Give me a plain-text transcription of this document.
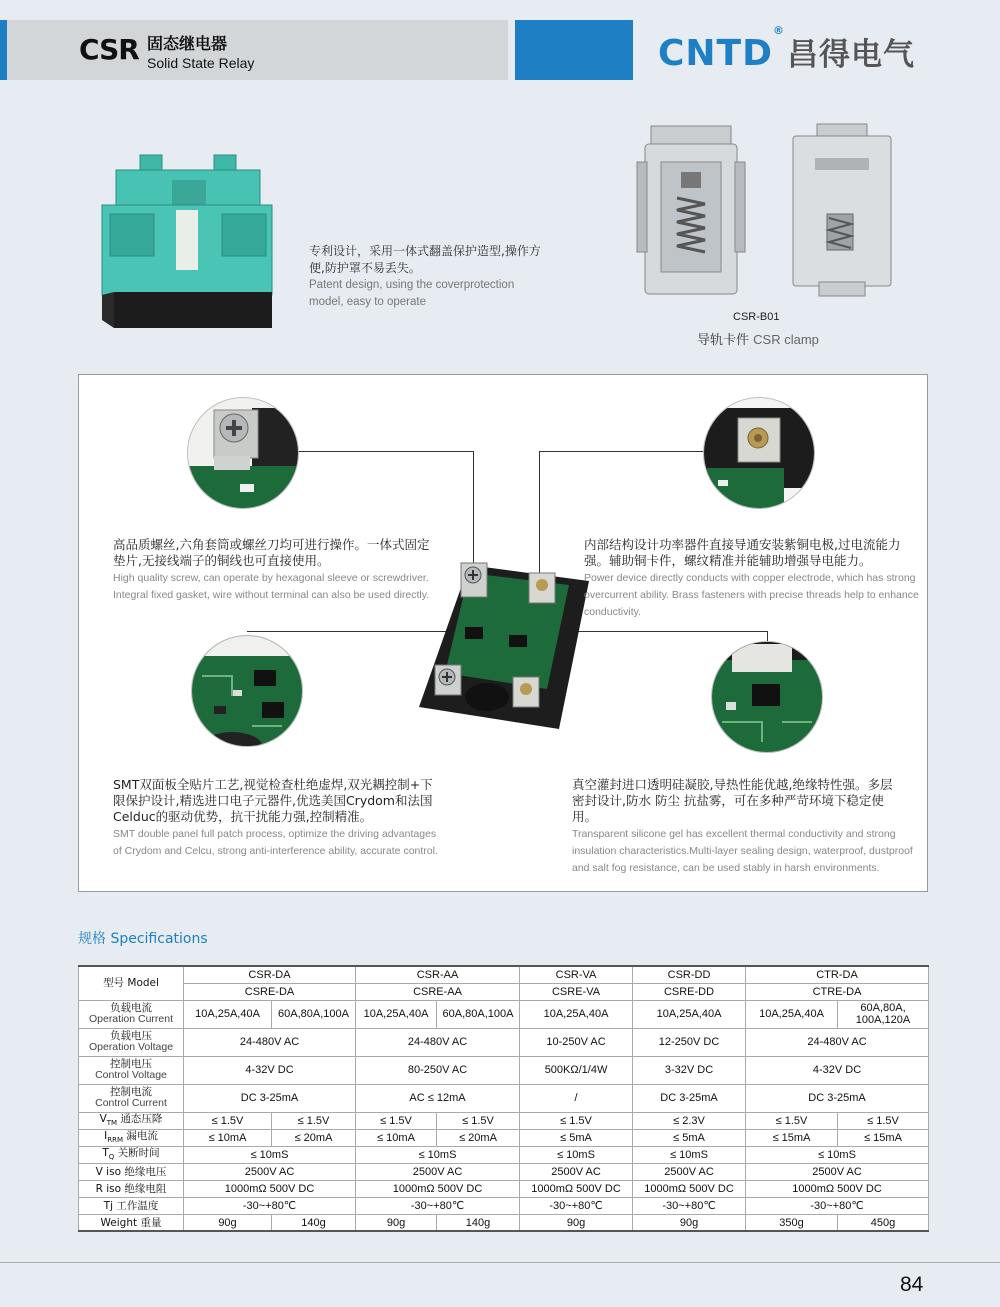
CSR 固态继电器
Solid State Relay	CNTD®昌得电气
专利设计，采用一体式翻盖保护造型,操作方便,防护罩不易丢失。
Patent design, using the coverprotection model, easy to operate
CSR-B01
导轨卡件 CSR clamp
高品质螺丝,六角套筒或螺丝刀均可进行操作。一体式固定垫片,无接线端子的铜线也可直接使用。
High quality screw, can operate by hexagonal sleeve or screwdriver. Integral fixed gasket, wire without terminal can also be used directly.
内部结构设计功率器件直接导通安装紫铜电极,过电流能力强。辅助铜卡件，螺纹精准并能辅助增强导电能力。
Power device directly conducts with copper electrode, which has strong overcurrent ability. Brass fasteners with precise threads help to enhance conductivity.
SMT双面板全贴片工艺,视觉检查杜绝虚焊,双光耦控制+下限保护设计,精选进口电子元器件,优选美国Crydom和法国Celduc的驱动优势，抗干扰能力强,控制精准。
SMT double panel full patch process, optimize the driving advantages of Crydom and Celcu, strong anti-interference ability, accurate control.
真空灌封进口透明硅凝胶,导热性能优越,绝缘特性强。多层密封设计,防水 防尘 抗盐雾，可在多种严苛环境下稳定使用。
Transparent silicone gel has excellent thermal conductivity and strong insulation characteristics.Multi-layer sealing design, waterproof, dustproof and salt fog resistance, can be used stably in harsh environments.
规格 Specifications
型号 Model	CSR-DA		CSR-AA		CSR-VA	CSR-DD	CTR-DA	
	CSRE-DA		CSRE-AA		CSRE-VA	CSRE-DD	CTRE-DA	
负载电流
Operation Current	10A,25A,40A	60A,80A,100A	10A,25A,40A	60A,80A,100A	10A,25A,40A	10A,25A,40A	10A,25A,40A	60A,80A, 100A,120A
负载电压
Operation Voltage	24-480V AC		24-480V AC		10-250V AC	12-250V DC	24-480V AC	
控制电压
Control Voltage	4-32V DC		80-250V AC		500KΩ/1/4W	3-32V DC	4-32V DC	
控制电流
Control Current	DC 3-25mA		AC ≤ 12mA		/	DC 3-25mA	DC 3-25mA	
$V_{TM}$ 通态压降	≤ 1.5V	≤ 1.5V	≤ 1.5V	≤ 1.5V	≤ 1.5V	≤ 2.3V	≤ 1.5V	≤ 1.5V
$I_{RRM}$ 漏电流	≤ 10mA	≤ 20mA	≤ 10mA	≤ 20mA	≤ 5mA	≤ 5mA	≤ 15mA	≤ 15mA
$T_Q$ 关断时间	≤ 10mS		≤ 10mS		≤ 10mS	≤ 10mS	≤ 10mS	
V iso 绝缘电压	2500V AC		2500V AC		2500V AC	2500V AC	2500V AC	
R iso 绝缘电阻	1000mΩ 500V DC		1000mΩ 500V DC		1000mΩ 500V DC	1000mΩ 500V DC	1000mΩ 500V DC	
Tj 工作温度	-30~+80℃		-30~+80℃		-30~+80℃	-30~+80℃	-30~+80℃	
Weight 重量	90g	140g	90g	140g	90g	90g	350g	450g
84
